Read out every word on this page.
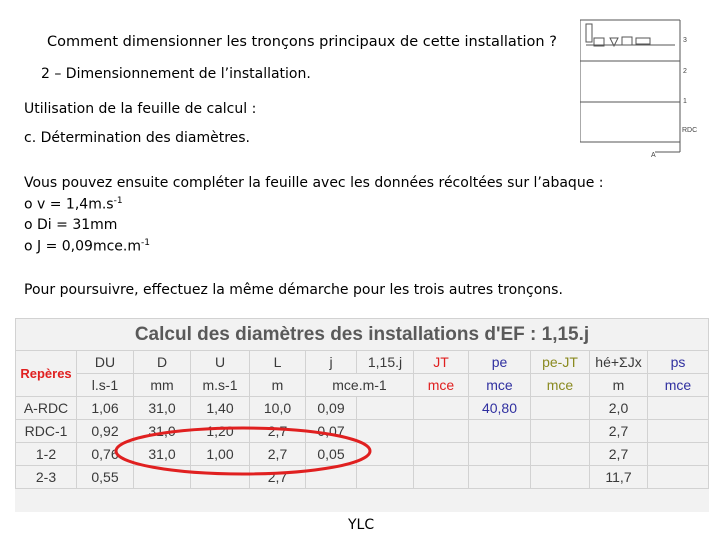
Comment dimensionner les tronçons principaux de cette installation ?
2 – Dimensionnement de l’installation.
Utilisation de la feuille de calcul :
c. Détermination des diamètres.
Vous pouvez ensuite compléter la feuille avec les données récoltées sur l’abaque :
o $v = 1,4m.s^{-1}$
o Di = 31mm
o $J = 0,09mce.m^{-1}$
Pour poursuivre, effectuez la même démarche pour les trois autres tronçons.
3
2
1
RDC
A
Calcul des diamètres des installations d'EF : 1,15.j											
Repères	DU	D	U	L	j	1,15.j	JT	pe	pe-JT	hé+ΣJx	ps
	l.s-1	mm	m.s-1	m	mce.m-1		mce	mce	mce	m	mce
A-RDC	1,06	31,0	1,40	10,0	0,09			40,80		2,0	
RDC-1	0,92	31,0	1,20	2,7	0,07					2,7	
1-2	0,76	31,0	1,00	2,7	0,05					2,7	
2-3	0,55			2,7						11,7	
YLC
